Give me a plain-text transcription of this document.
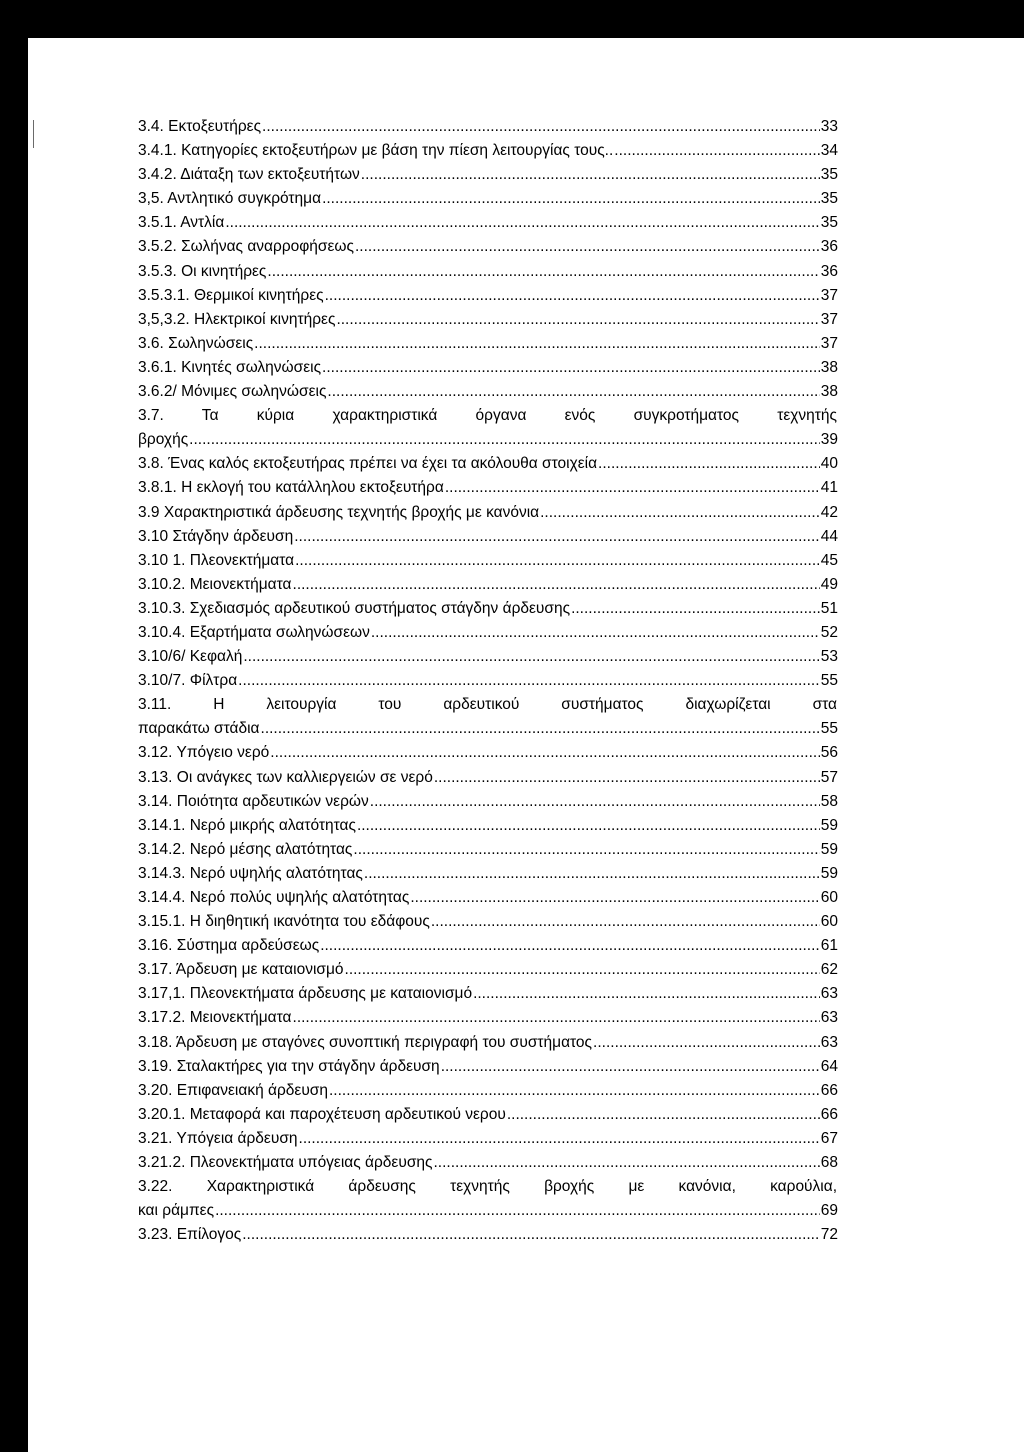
3.4. Εκτοξευτήρες .....	33
3.4.1. Κατηγορίες εκτοξευτήρων με βάση την πίεση λειτουργίας τους.. .....	34
3.4.2. Διάταξη των εκτοξευτήτων .....	35
3,5. Αντλητικό συγκρότημα .....	35
3.5.1. Αντλία .....	35
3.5.2. Σωλήνας αναρροφήσεως .....	36
3.5.3. Οι κινητήρες .....	36
3.5.3.1. Θερμικοί κινητήρες .....	37
3,5,3.2. Ηλεκτρικοί κινητήρες .....	37
3.6. Σωληνώσεις .....	37
3.6.1. Κινητές σωληνώσεις .....	38
3.6.2/ Μόνιμες σωληνώσεις .....	38
3.7. Τα κύρια χαρακτηριστικά όργανα ενός συγκροτήματος τεχνητής
βροχής .....	39
3.8. Ένας καλός εκτοξευτήρας πρέπει να έχει τα ακόλουθα στοιχεία .....	40
3.8.1. Η εκλογή του κατάλληλου εκτοξευτήρα .....	41
3.9 Χαρακτηριστικά άρδευσης τεχνητής βροχής με κανόνια .....	42
3.10 Στάγδην άρδευση .....	44
3.10 1. Πλεονεκτήματα .....	45
3.10.2. Μειονεκτήματα .....	49
3.10.3. Σχεδιασμός αρδευτικού συστήματος στάγδην άρδευσης .....	51
3.10.4. Εξαρτήματα σωληνώσεων .....	52
3.10/6/ Κεφαλή .....	53
3.10/7. Φίλτρα .....	55
3.11. Η λειτουργία του αρδευτικού συστήματος διαχωρίζεται στα
παρακάτω στάδια .....	55
3.12. Υπόγειο νερό .....	56
3.13. Οι ανάγκες των καλλιεργειών σε νερό .....	57
3.14. Ποιότητα αρδευτικών νερών .....	58
3.14.1. Νερό μικρής αλατότητας .....	59
3.14.2. Νερό μέσης αλατότητας .....	59
3.14.3. Νερό υψηλής αλατότητας .....	59
3.14.4. Νερό πολύς υψηλής αλατότητας .....	60
3.15.1. Η διηθητική ικανότητα του εδάφους .....	60
3.16. Σύστημα αρδεύσεως .....	61
3.17. Άρδευση με καταιονισμό .....	62
3.17,1. Πλεονεκτήματα άρδευσης με καταιονισμό .....	63
3.17.2. Μειονεκτήματα .....	63
3.18. Άρδευση με σταγόνες συνοπτική περιγραφή του συστήματος .....	63
3.19. Σταλακτήρες για την στάγδην άρδευση .....	64
3.20. Επιφανειακή άρδευση .....	66
3.20.1. Μεταφορά και παροχέτευση αρδευτικού νερου .....	66
3.21. Υπόγεια άρδευση .....	67
3.21.2. Πλεονεκτήματα υπόγειας άρδευσης .....	68
3.22. Χαρακτηριστικά άρδευσης τεχνητής βροχής με κανόνια, καρούλια,
και ράμπες .....	69
3.23. Επίλογος .....	72
